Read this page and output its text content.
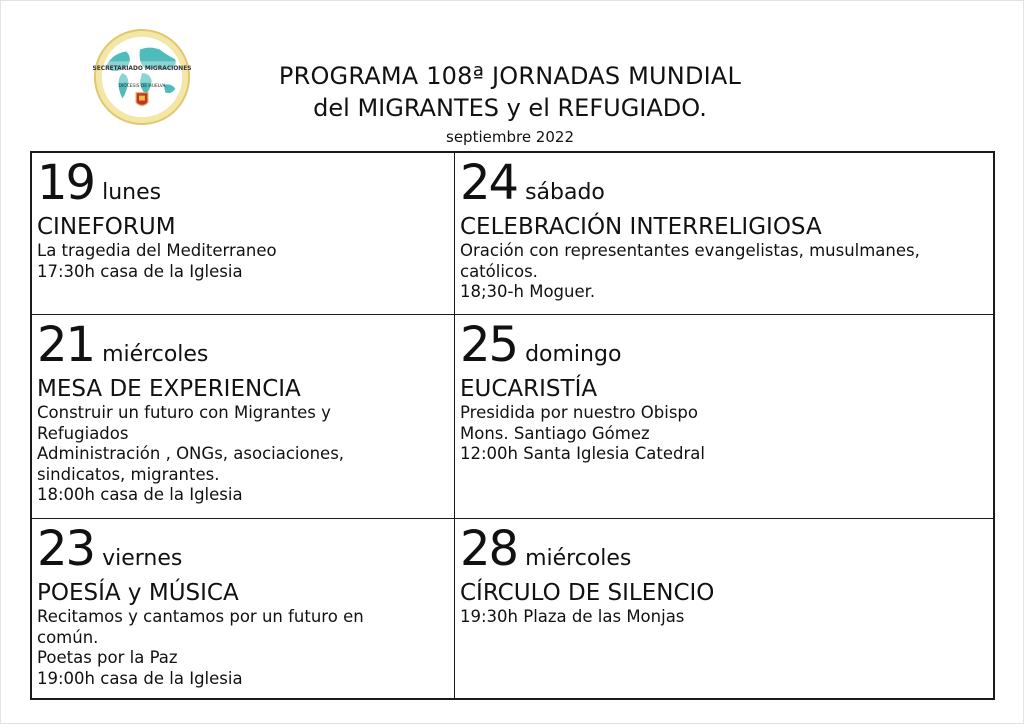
SECRETARIADO MIGRACIONES
DIÓCESIS DE HUELVA	PROGRAMA 108ª JORNADAS MUNDIAL
del MIGRANTES y el REFUGIADO.
septiembre 2022
19 lunes
CINEFORUM
La tragedia del Mediterraneo
17:30h casa de la Iglesia
24 sábado
CELEBRACIÓN INTERRELIGIOSA
Oración con representantes evangelistas, musulmanes,
católicos.
18;30-h Moguer.
21 miércoles
MESA DE EXPERIENCIA
Construir un futuro con Migrantes y
Refugiados
Administración , ONGs, asociaciones,
sindicatos, migrantes.
18:00h casa de la Iglesia
25 domingo
EUCARISTÍA
Presidida por nuestro Obispo
Mons. Santiago Gómez
12:00h Santa Iglesia Catedral
23 viernes
POESÍA y MÚSICA
Recitamos y cantamos por un futuro en
común.
Poetas por la Paz
19:00h casa de la Iglesia
28 miércoles
CÍRCULO DE SILENCIO
19:30h Plaza de las Monjas
